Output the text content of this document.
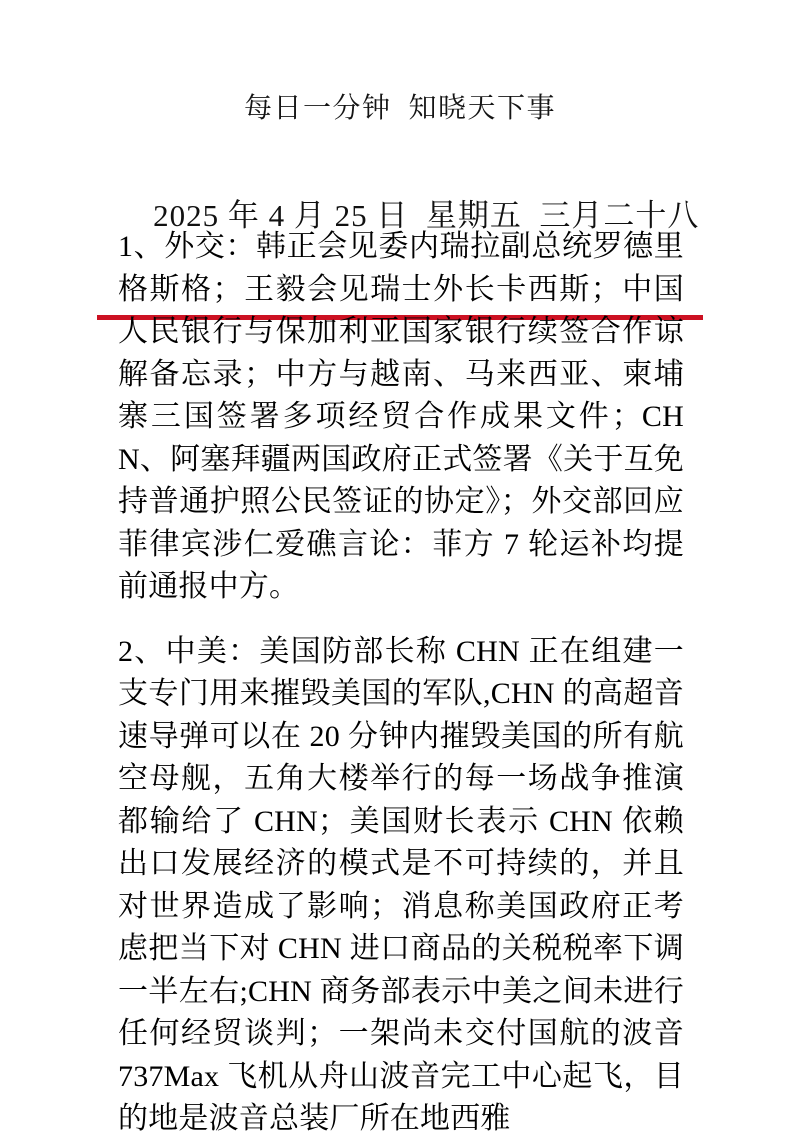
每日一分钟  知晓天下事

2025 年 4 月 25 日  星期五  三月二十八

1、外交：韩正会见委内瑞拉副总统罗德里格斯格；王毅会见瑞士外长卡西斯；中国人民银行与保加利亚国家银行续签合作谅解备忘录；中方与越南、马来西亚、柬埔寨三国签署多项经贸合作成果文件；CHN、阿塞拜疆两国政府正式签署《关于互免持普通护照公民签证的协定》；外交部回应菲律宾涉仁爱礁言论：菲方 7 轮运补均提前通报中方。

2、中美：美国防部长称 CHN 正在组建一支专门用来摧毁美国的军队,CHN 的高超音速导弹可以在 20 分钟内摧毁美国的所有航空母舰，五角大楼举行的每一场战争推演都输给了 CHN；美国财长表示 CHN 依赖出口发展经济的模式是不可持续的，并且对世界造成了影响；消息称美国政府正考虑把当下对 CHN 进口商品的关税税率下调一半左右;CHN 商务部表示中美之间未进行任何经贸谈判；一架尚未交付国航的波音 737Max 飞机从舟山波音完工中心起飞，目的地是波音总装厂所在地西雅
